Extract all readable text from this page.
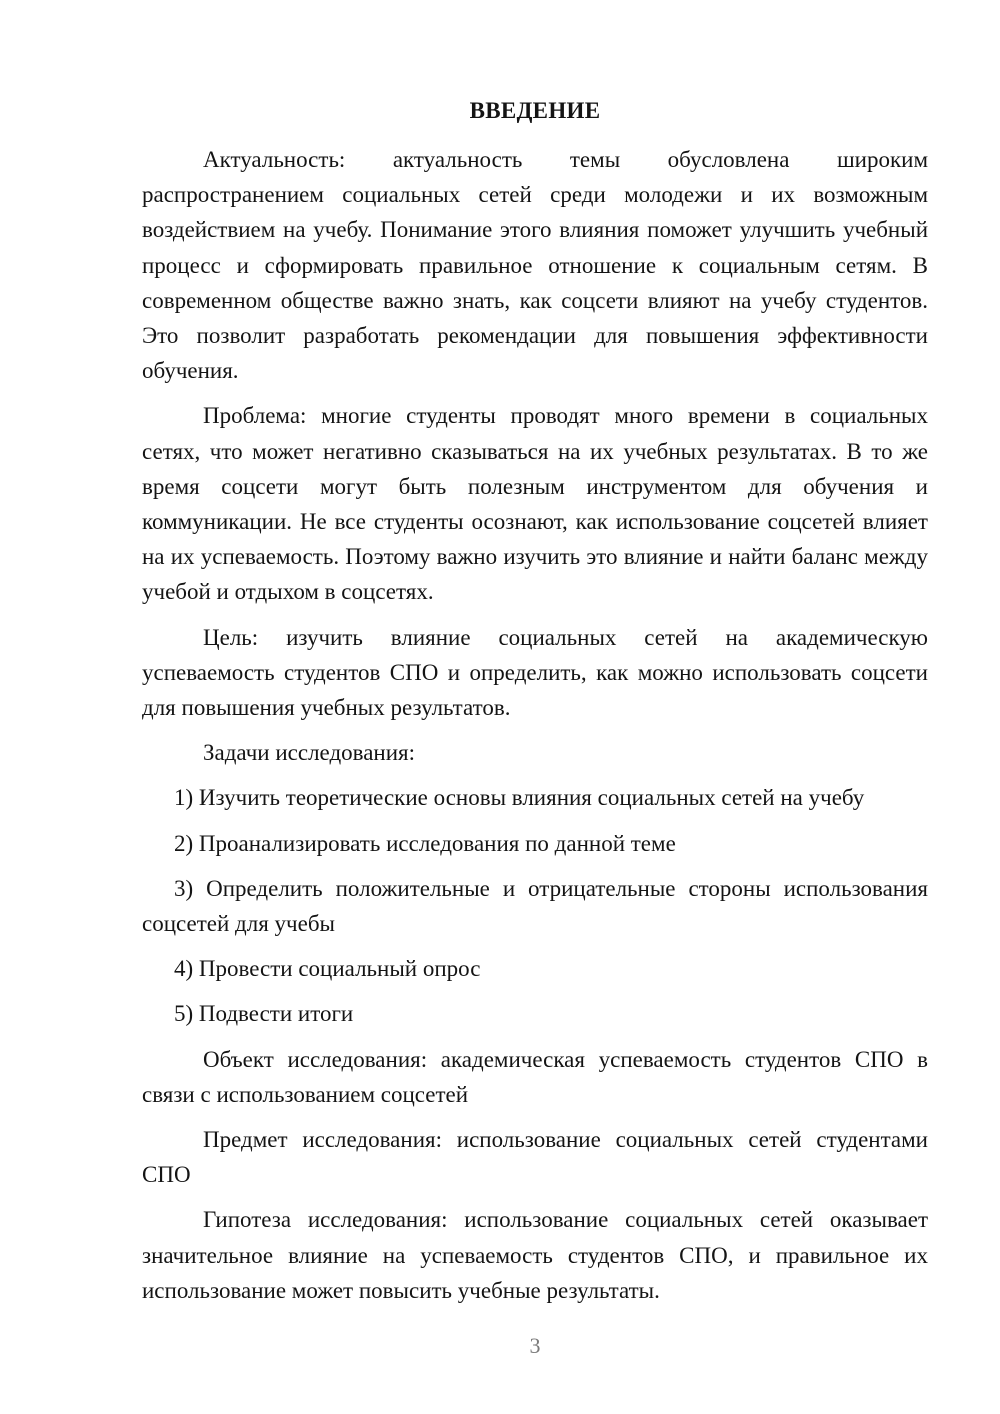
ВВЕДЕНИЕ

Актуальность: актуальность темы обусловлена широким распространением социальных сетей среди молодежи и их возможным воздействием на учебу. Понимание этого влияния поможет улучшить учебный процесс и сформировать правильное отношение к социальным сетям. В современном обществе важно знать, как соцсети влияют на учебу студентов. Это позволит разработать рекомендации для повышения эффективности обучения.

Проблема: многие студенты проводят много времени в социальных сетях, что может негативно сказываться на их учебных результатах. В то же время соцсети могут быть полезным инструментом для обучения и коммуникации. Не все студенты осознают, как использование соцсетей влияет на их успеваемость. Поэтому важно изучить это влияние и найти баланс между учебой и отдыхом в соцсетях.

Цель: изучить влияние социальных сетей на академическую успеваемость студентов СПО и определить, как можно использовать соцсети для повышения учебных результатов.

Задачи исследования:

1) Изучить теоретические основы влияния социальных сетей на учебу

2) Проанализировать исследования по данной теме

3) Определить положительные и отрицательные стороны использования соцсетей для учебы

4) Провести социальный опрос

5) Подвести итоги

Объект исследования: академическая успеваемость студентов СПО в связи с использованием соцсетей

Предмет исследования: использование социальных сетей студентами СПО

Гипотеза исследования: использование социальных сетей оказывает значительное влияние на успеваемость студентов СПО, и правильное их использование может повысить учебные результаты.

3
